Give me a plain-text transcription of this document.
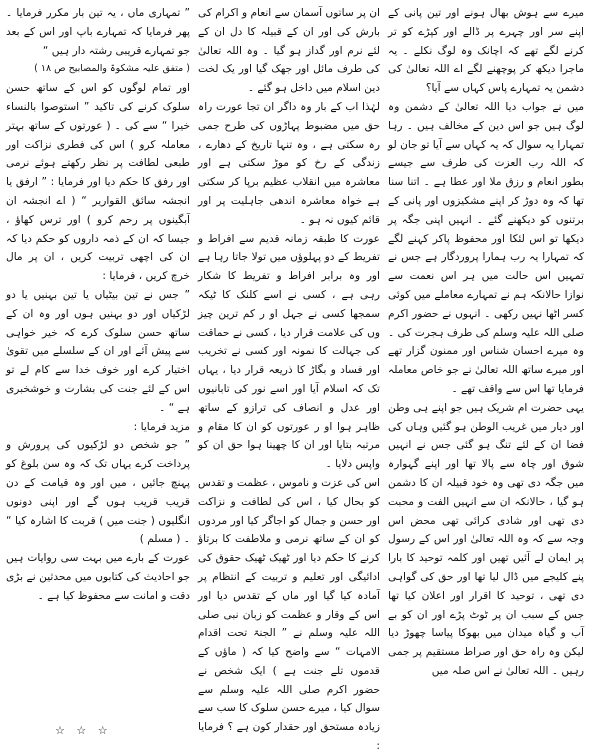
میرے سے ہوش بھال ہونے اور تین پانی کے اپنے سر اور چہرے پر ڈالے اور کپڑے کو تر کرنے لگے تھے کہ اچانک وہ لوگ نکلے ۔ یہ ماجرا دیکھ کر پوچھنے لگے اے اللہ تعالیٰ کی دشمن یہ تمہارے پاس کہاں سے آیا؟

میں نے جواب دیا اللہ تعالیٰ کے دشمن وہ لوگ ہیں جو اس دین کے مخالف ہیں ۔ رہا تمہارا یہ سوال کہ یہ کہاں سے آیا تو جان لو کہ اللہ رب العزت کی طرف سے جیسے بطور انعام و رزق ملا اور عطا ہے ۔ اتنا سنا تھا کہ وہ دوڑ کر اپنے مشکیزوں اور پانی کے برتنوں کو دیکھنے گئے ۔ انہیں اپنی جگہ پر دیکھا تو اس لئکا اور محفوظ پاکر کہنے لگے کہ تمہارا یہ رب ہمارا پروردگار ہے جس نے تمہیں اس حالت میں ہر اس نعمت سے نوازا حالانکہ ہم نے تمہارے معاملے میں کوئی کسر اٹھا نہیں رکھی ۔ انہوں نے حضور اکرم صلی اللہ علیہ وسلم کی طرف ہجرت کی ۔ وہ میرے احسان شناس اور ممنون گزار تھے اور میرے ساتھ اللہ تعالیٰ نے جو خاص معاملہ فرمایا تھا اس سے واقف تھے ۔

یہی حضرت ام شریک ہیں جو اپنے ہی وطن اور دیار میں غریب الوطن ہو گئیں وہاں کی فضا ان کے لئے تنگ ہو گئی جس نے انہیں شوق اور چاہ سے پالا تھا اور اپنے گہوارہ میں جگہ دی تھی وہ خود قبیلہ ان کا دشمن ہو گیا ، حالانکہ ان سے انہیں الفت و محبت دی تھی اور شادی کرائی تھی محض اس وجہ سے کہ وہ اللہ تعالیٰ اور اس کے رسول پر ایمان لے آئیں تھیں اور کلمہ توحید کا بارا پنے کلیجے میں ڈال لیا تھا اور حق کی گواہی دی تھی ، توحید کا اقرار اور اعلان کیا تھا جس کے سبب ان پر ٹوٹ پڑے اور ان کو بے آب و گیاہ میدان میں بھوکا پیاسا چھوڑ دیا لیکن وہ راہ حق اور صراط مستقیم پر جمی رہیں ۔ اللہ تعالیٰ نے اس صلہ میں

ان پر ساتوں آسمان سے انعام و اکرام کی بارش کی اور ان کے قبیلہ کا دل ان کے لئے نرم اور گداز ہو گیا ۔ وہ اللہ تعالیٰ کی طرف مائل اور جھک گیا اور یک لخت دین اسلام میں داخل ہو گئے ۔

لہٰذا اب کے بار وہ داگر ان تجا عورت راہ حق میں مضبوط پہاڑوں کی طرح جمی رہ سکتی ہے ، وہ تنہا تاریخ کے دھارے ، زندگی کے رخ کو موڑ سکتی ہے اور معاشرہ میں انقلاب عظیم برپا کر سکتی ہے خواہ معاشرہ اندھی جاہلیت پر اور قائم کیوں نہ ہو ۔

عورت کا طبقہ زمانہ قدیم سے افراط و تفریط کے دو پہلوؤں میں تولا جاتا رہا ہے اور وہ برابر افراط و تفریط کا شکار رہی ہے ، کسی نے اسے کلنک کا ٹیکہ سمجھا کسی نے جہل او ر کم ترین چیز وں کی علامت قرار دیا ، کسی نے حماقت کی جہالت کا نمونہ اور کسی نے تخریب اور فساد و بگاڑ کا ذریعہ قرار دیا ، یہاں تک کہ اسلام آیا اور اسے نور کی تابانیوں اور عدل و انصاف کی ترازو کے ساتھ ظاہر ہوا او ر عورتوں کو ان کا مقام و مرتبہ بتایا اور ان کا چھینا ہوا حق ان کو واپس دلایا ۔

اس کی عزت و ناموس ، عظمت و تقدس کو بحال کیا ، اس کی لطافت و نزاکت اور حسن و جمال کو اجاگر کیا اور مردوں کو ان کے ساتھ نرمی و ملاطفت کا برتاؤ کرنے کا حکم دیا اور ٹھیک ٹھیک حقوق کی ادائیگی اور تعلیم و تربیت کے انتظام پر آمادہ کیا گیا اور ماں کے تقدس دیا اور اس کے وقار و عظمت کو زبان نبی صلی اللہ علیہ وسلم نے ” الجنۃ تحت اقدام الامہات “ سے واضح کیا کہ ( ماؤں کے قدموں تلے جنت ہے ) ایک شخص نے حضور اکرم صلی اللہ علیہ وسلم سے سوال کیا ، میرے حسن سلوک کا سب سے زیادہ مستحق اور حقدار کون ہے ؟ فرمایا :

” تمہاری ماں ، یہ تین بار مکرر فرمایا ۔ پھر فرمایا کہ تمہارے باپ اور اس کے بعد جو تمہارے قریبی رشتہ دار ہیں “

( متفق علیہ مشکوۃ والمصابیح ص ۱۸ )

اور تمام لوگوں کو اس کے ساتھ حسن سلوک کرنے کی تاکید ” استوصوا بالنساء خیرا “ سے کی ۔ ( عورتوں کے ساتھ بہتر معاملہ کرو ) اس کی فطری نزاکت اور طبعی لطافت پر نظر رکھتے ہوئے نرمی اور رفق کا حکم دیا اور فرمایا : ” ارفق یا انجشہ سائق القواریر “ ( اے انجشہ ان آبگینوں پر رحم کرو ) اور ترس کھاؤ ، جیسا کہ ان کے ذمہ داروں کو حکم دیا کہ ان کی اچھی تربیت کریں ، ان پر مال خرچ کریں ، فرمایا :

” جس نے تین بیٹیاں یا تین بہنیں یا دو لڑکیاں اور دو بہنیں ہوں اور وہ ان کے ساتھ حسن سلوک کرے کہ خیر خواہی سے پیش آئے اور ان کے سلسلے میں تقویٰ اختیار کرے اور خوف خدا سے کام لے تو اس کے لئے جنت کی بشارت و خوشخبری ہے “ ۔

مزید فرمایا :

” جو شخص دو لڑکیوں کی پرورش و پرداخت کرے یہاں تک کہ وہ سن بلوغ کو پہنچ جائیں ، میں اور وہ قیامت کے دن قریب قریب ہوں گے اور اپنی دونوں انگلیوں ( جنت میں ) قربت کا اشارہ کیا “ ۔ ( مسلم )

عورت کے بارے میں بہت سی روایات ہیں جو احادیث کی کتابوں میں محدثین نے بڑی دقت و امانت سے محفوظ کیا ہے ۔

☆ ☆ ☆
